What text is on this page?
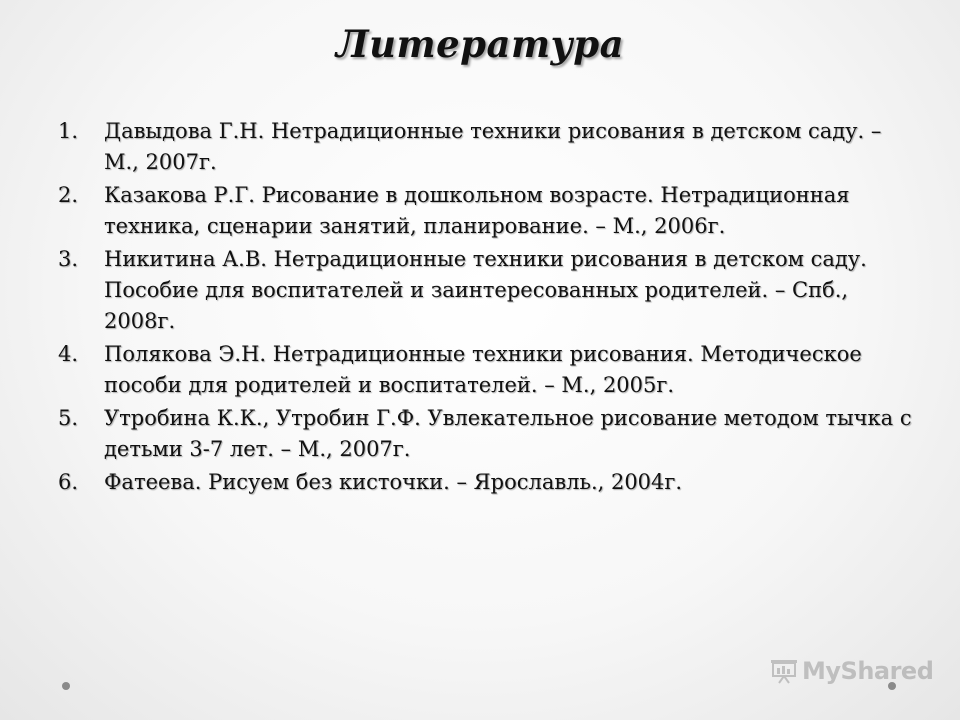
Литература
1.	Давыдова Г.Н. Нетрадиционные техники рисования в детском саду. – М., 2007г.
2.	Казакова Р.Г. Рисование в дошкольном возрасте. Нетрадиционная техника, сценарии занятий, планирование. – М., 2006г.
3.	Никитина А.В. Нетрадиционные техники рисования в детском саду. Пособие для воспитателей и заинтересованных родителей. – Спб., 2008г.
4.	Полякова Э.Н. Нетрадиционные техники рисования. Методическое пособи для родителей и воспитателей. – М., 2005г.
5.	Утробина К.К., Утробин Г.Ф. Увлекательное рисование методом тычка с детьми 3-7 лет. – М., 2007г.
6.	Фатеева. Рисуем без кисточки. – Ярославль., 2004г.
MyShared
